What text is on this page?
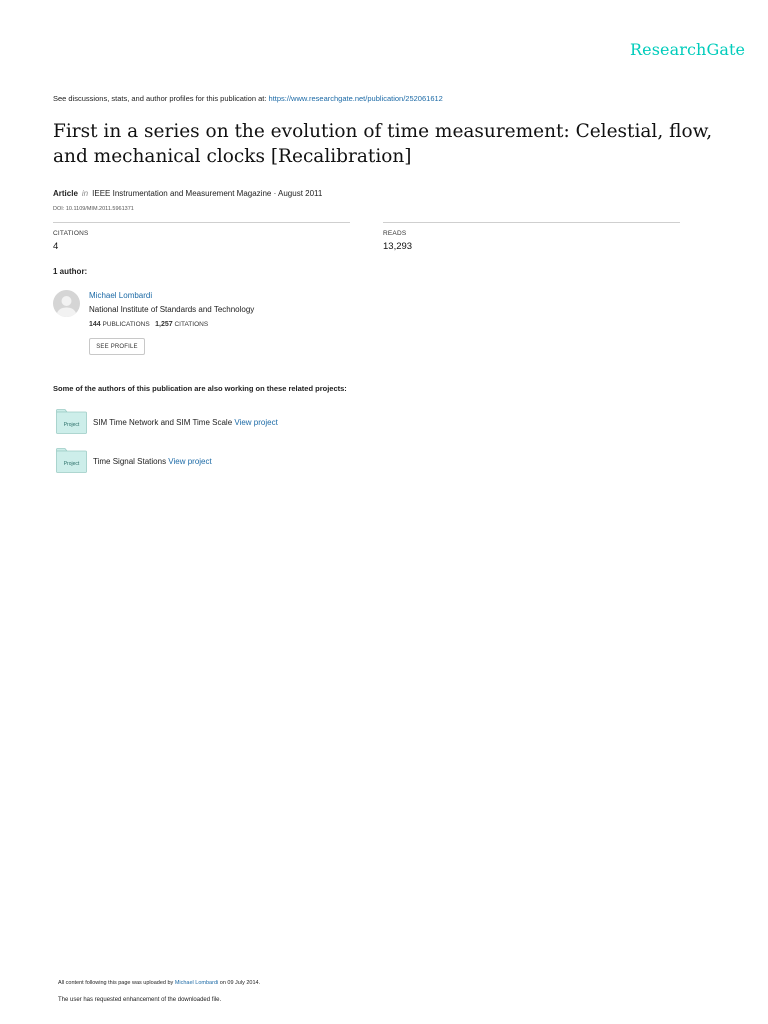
ResearchGate
See discussions, stats, and author profiles for this publication at: https://www.researchgate.net/publication/252061612
First in a series on the evolution of time measurement: Celestial, flow, and mechanical clocks [Recalibration]
Article in IEEE Instrumentation and Measurement Magazine · August 2011
DOI: 10.1109/MIM.2011.5961371
CITATIONS
4
READS
13,293
1 author:
Michael Lombardi
National Institute of Standards and Technology
144 PUBLICATIONS 1,257 CITATIONS
SEE PROFILE
Some of the authors of this publication are also working on these related projects:
Project SIM Time Network and SIM Time Scale View project
Project Time Signal Stations View project
All content following this page was uploaded by Michael Lombardi on 09 July 2014.
The user has requested enhancement of the downloaded file.
